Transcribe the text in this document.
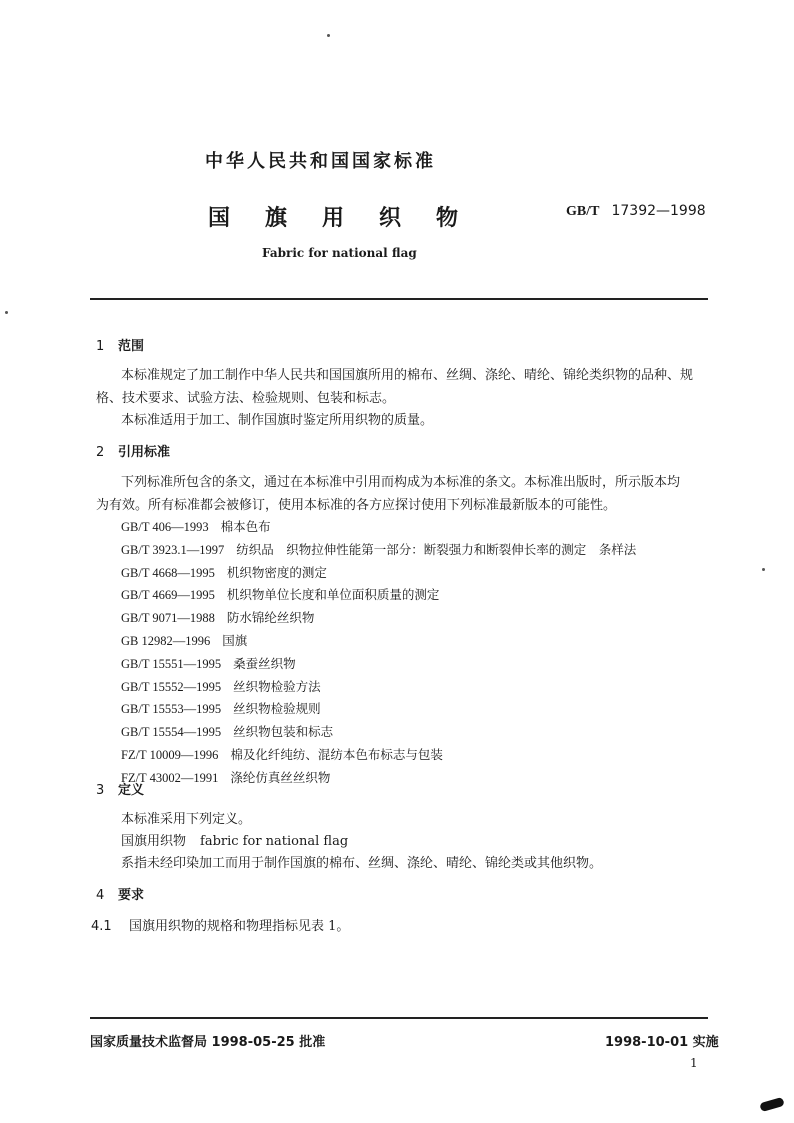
中华人民共和国国家标准
国 旗 用 织 物	GB/T 17392—1998
Fabric for national flag
1 范围
本标准规定了加工制作中华人民共和国国旗所用的棉布、丝绸、涤纶、晴纶、锦纶类织物的品种、规
格、技术要求、试验方法、检验规则、包装和标志。
本标准适用于加工、制作国旗时鉴定所用织物的质量。
2 引用标准
下列标准所包含的条文，通过在本标准中引用而构成为本标准的条文。本标准出版时，所示版本均
为有效。所有标准都会被修订，使用本标准的各方应探讨使用下列标准最新版本的可能性。
GB/T 406—1993 棉本色布
GB/T 3923.1—1997 纺织品　织物拉伸性能第一部分：断裂强力和断裂伸长率的测定　条样法
GB/T 4668—1995 机织物密度的测定
GB/T 4669—1995 机织物单位长度和单位面积质量的测定
GB/T 9071—1988 防水锦纶丝织物
GB 12982—1996 国旗
GB/T 15551—1995 桑蚕丝织物
GB/T 15552—1995 丝织物检验方法
GB/T 15553—1995 丝织物检验规则
GB/T 15554—1995 丝织物包装和标志
FZ/T 10009—1996 棉及化纤纯纺、混纺本色布标志与包装
FZ/T 43002—1991 涤纶仿真丝丝织物
3 定义
本标准采用下列定义。
国旗用织物 fabric for national flag
系指未经印染加工而用于制作国旗的棉布、丝绸、涤纶、晴纶、锦纶类或其他织物。
4 要求
4.1 国旗用织物的规格和物理指标见表 1。
国家质量技术监督局 1998-05-25 批准	1998-10-01 实施
1
